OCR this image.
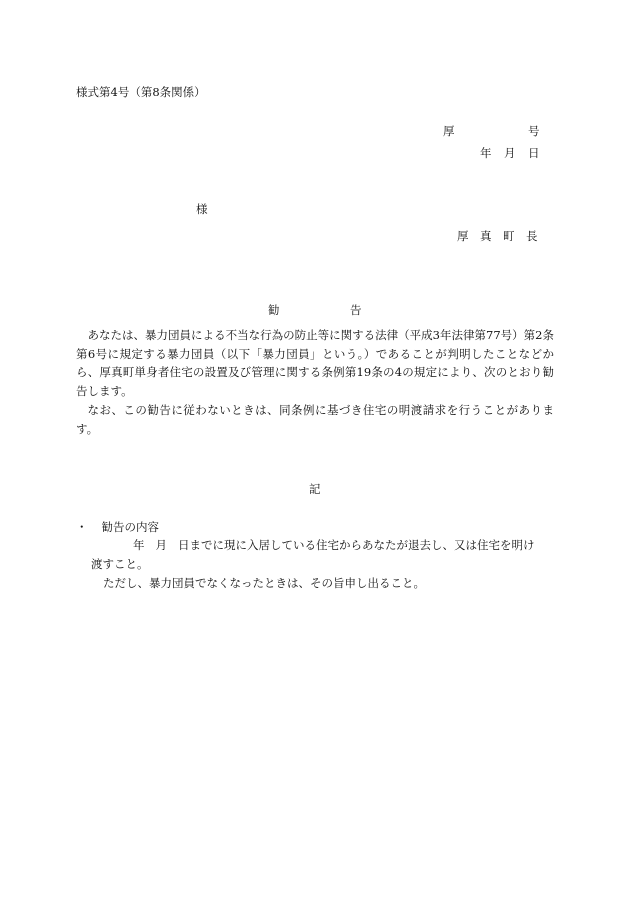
様式第4号（第8条関係）
厚	号
年 月 日
様
厚　真　町　長
勧	告
あなたは、暴力団員による不当な行為の防止等に関する法律（平成3年法律第77号）第2条第6号に規定する暴力団員（以下「暴力団員」という。）であることが判明したことなどから、厚真町単身者住宅の設置及び管理に関する条例第19条の4の規定により、次のとおり勧告します。
なお、この勧告に従わないときは、同条例に基づき住宅の明渡請求を行うことがあります。
記
・ 勧告の内容
年 月 日までに現に入居している住宅からあなたが退去し、又は住宅を明け
渡すこと。
ただし、暴力団員でなくなったときは、その旨申し出ること。
